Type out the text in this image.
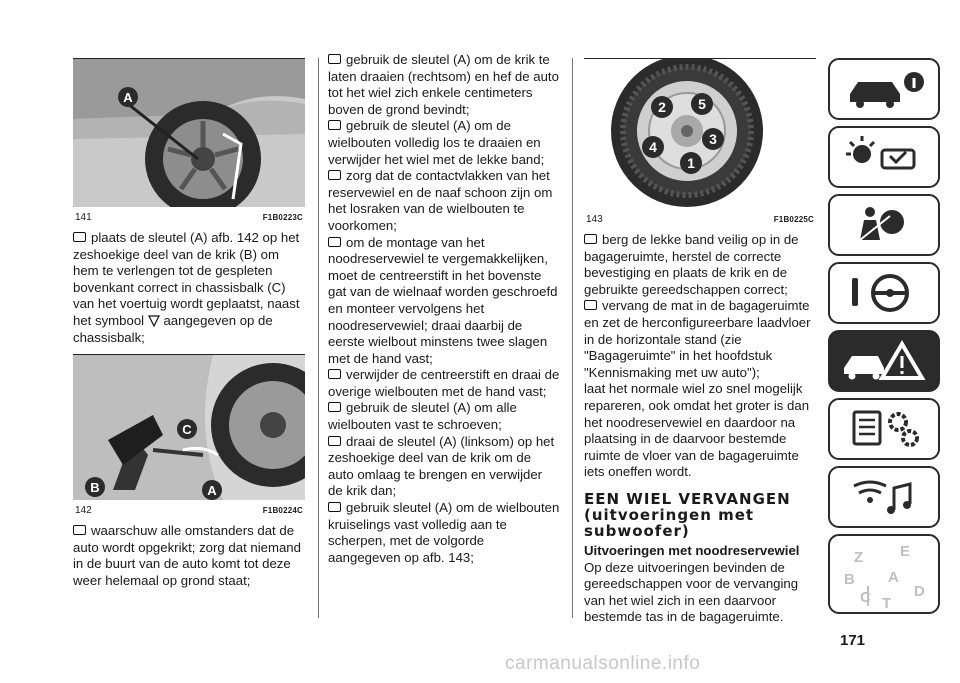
A
141	F1B0223C

plaats de sleutel (A) afb. 142 op het zeshoekige deel van de krik (B) om hem te verlengen tot de gespleten bovenkant correct in chassisbalk (C) van het voertuig wordt geplaatst, naast het symbool aangegeven op de chassisbalk;

B	A
C
142	F1B0224C

waarschuw alle omstanders dat de auto wordt opgekrikt; zorg dat niemand in de buurt van de auto komt tot deze weer helemaal op grond staat;

gebruik de sleutel (A) om de krik te laten draaien (rechtsom) en hef de auto tot het wiel zich enkele centimeters boven de grond bevindt;

gebruik de sleutel (A) om de wielbouten volledig los te draaien en verwijder het wiel met de lekke band;

zorg dat de contactvlakken van het reservewiel en de naaf schoon zijn om het losraken van de wielbouten te voorkomen;

om de montage van het noodreservewiel te vergemakkelijken, moet de centreerstift in het bovenste gat van de wielnaaf worden geschroefd en monteer vervolgens het noodreservewiel; draai daarbij de eerste wielbout minstens twee slagen met de hand vast;

verwijder de centreerstift en draai de overige wielbouten met de hand vast;

gebruik de sleutel (A) om alle wielbouten vast te schroeven;

draai de sleutel (A) (linksom) op het zeshoekige deel van de krik om de auto omlaag te brengen en verwijder de krik dan;

gebruik sleutel (A) om de wielbouten kruiselings vast volledig aan te scherpen, met de volgorde aangegeven op afb. 143;

2 5
3
4
1
143	F1B0225C

berg de lekke band veilig op in de bagageruimte, herstel de correcte bevestiging en plaats de krik en de gebruikte gereedschappen correct;

vervang de mat in de bagageruimte en zet de herconfigureerbare laadvloer in de horizontale stand (zie "Bagageruimte" in het hoofdstuk "Kennismaking met uw auto");

laat het normale wiel zo snel mogelijk repareren, ook omdat het groter is dan het noodreservewiel en daardoor na plaatsing in de daarvoor bestemde ruimte de vloer van de bagageruimte iets oneffen wordt.

EEN WIEL VERVANGEN (uitvoeringen met subwoofer)

Uitvoeringen met noodreservewiel

Op deze uitvoeringen bevinden de gereedschappen voor de vervanging van het wiel zich in een daarvoor bestemde tas in de bagageruimte.

Z E
B A
C T
D
171
carmanualsonline.info
